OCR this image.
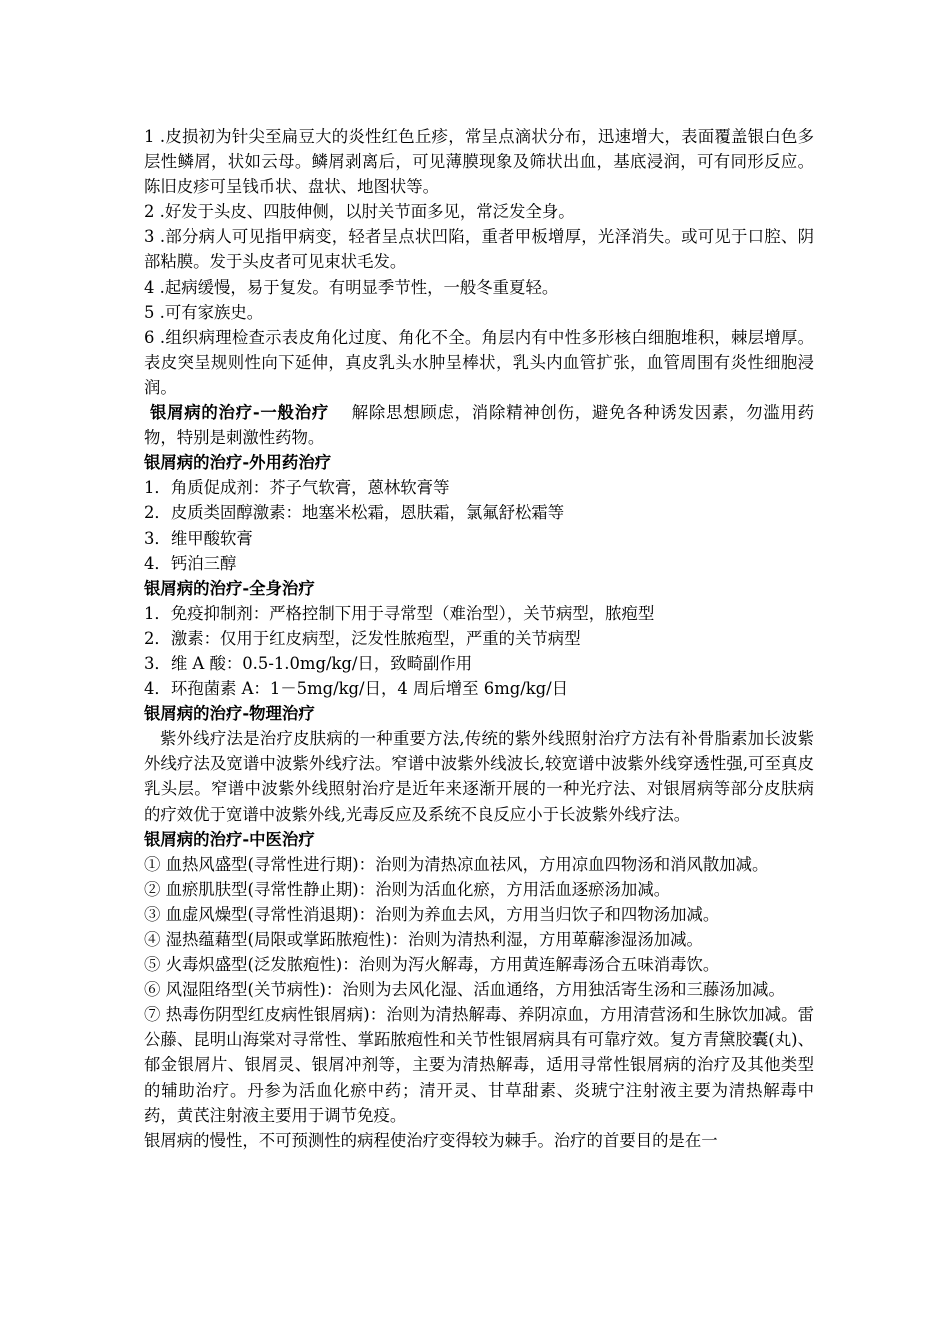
1 .皮损初为针尖至扁豆大的炎性红色丘疹，常呈点滴状分布，迅速增大，表面覆盖银白色多层性鳞屑，状如云母。鳞屑剥离后，可见薄膜现象及筛状出血，基底浸润，可有同形反应。陈旧皮疹可呈钱币状、盘状、地图状等。

2 .好发于头皮、四肢伸侧，以肘关节面多见，常泛发全身。

3 .部分病人可见指甲病变，轻者呈点状凹陷，重者甲板增厚，光泽消失。或可见于口腔、阴部粘膜。发于头皮者可见束状毛发。

4 .起病缓慢，易于复发。有明显季节性，一般冬重夏轻。

5 .可有家族史。

6 .组织病理检查示表皮角化过度、角化不全。角层内有中性多形核白细胞堆积，棘层增厚。表皮突呈规则性向下延伸，真皮乳头水肿呈棒状，乳头内血管扩张，血管周围有炎性细胞浸润。

银屑病的治疗-一般治疗 解除思想顾虑，消除精神创伤，避免各种诱发因素，勿滥用药物，特别是刺激性药物。

银屑病的治疗-外用药治疗

1．角质促成剂：芥子气软膏，蒽林软膏等

2．皮质类固醇激素：地塞米松霜，恩肤霜，氯氟舒松霜等

3．维甲酸软膏

4．钙泊三醇

银屑病的治疗-全身治疗

1．免疫抑制剂：严格控制下用于寻常型（难治型），关节病型，脓疱型

2．激素：仅用于红皮病型，泛发性脓疱型，严重的关节病型

3．维 A 酸：0.5-1.0mg/kg/日，致畸副作用

4．环孢菌素 A：1－5mg/kg/日，4 周后增至 6mg/kg/日

银屑病的治疗-物理治疗

紫外线疗法是治疗皮肤病的一种重要方法,传统的紫外线照射治疗方法有补骨脂素加长波紫外线疗法及宽谱中波紫外线疗法。窄谱中波紫外线波长,较宽谱中波紫外线穿透性强,可至真皮乳头层。窄谱中波紫外线照射治疗是近年来逐渐开展的一种光疗法、对银屑病等部分皮肤病的疗效优于宽谱中波紫外线,光毒反应及系统不良反应小于长波紫外线疗法。

银屑病的治疗-中医治疗

① 血热风盛型(寻常性进行期)：治则为清热凉血祛风，方用凉血四物汤和消风散加减。

② 血瘀肌肤型(寻常性静止期)：治则为活血化瘀，方用活血逐瘀汤加减。

③ 血虚风燥型(寻常性消退期)：治则为养血去风，方用当归饮子和四物汤加减。

④ 湿热蕴藉型(局限或掌跖脓疱性)：治则为清热利湿，方用萆薢渗湿汤加减。

⑤ 火毒炽盛型(泛发脓疱性)：治则为泻火解毒，方用黄连解毒汤合五味消毒饮。

⑥ 风湿阻络型(关节病性)：治则为去风化湿、活血通络，方用独活寄生汤和三藤汤加减。

⑦ 热毒伤阴型红皮病性银屑病)：治则为清热解毒、养阴凉血，方用清营汤和生脉饮加减。雷公藤、昆明山海棠对寻常性、掌跖脓疱性和关节性银屑病具有可靠疗效。复方青黛胶囊(丸)、郁金银屑片、银屑灵、银屑冲剂等，主要为清热解毒，适用寻常性银屑病的治疗及其他类型的辅助治疗。丹参为活血化瘀中药；清开灵、甘草甜素、炎琥宁注射液主要为清热解毒中药，黄芪注射液主要用于调节免疫。

银屑病的慢性，不可预测性的病程使治疗变得较为棘手。治疗的首要目的是在一
